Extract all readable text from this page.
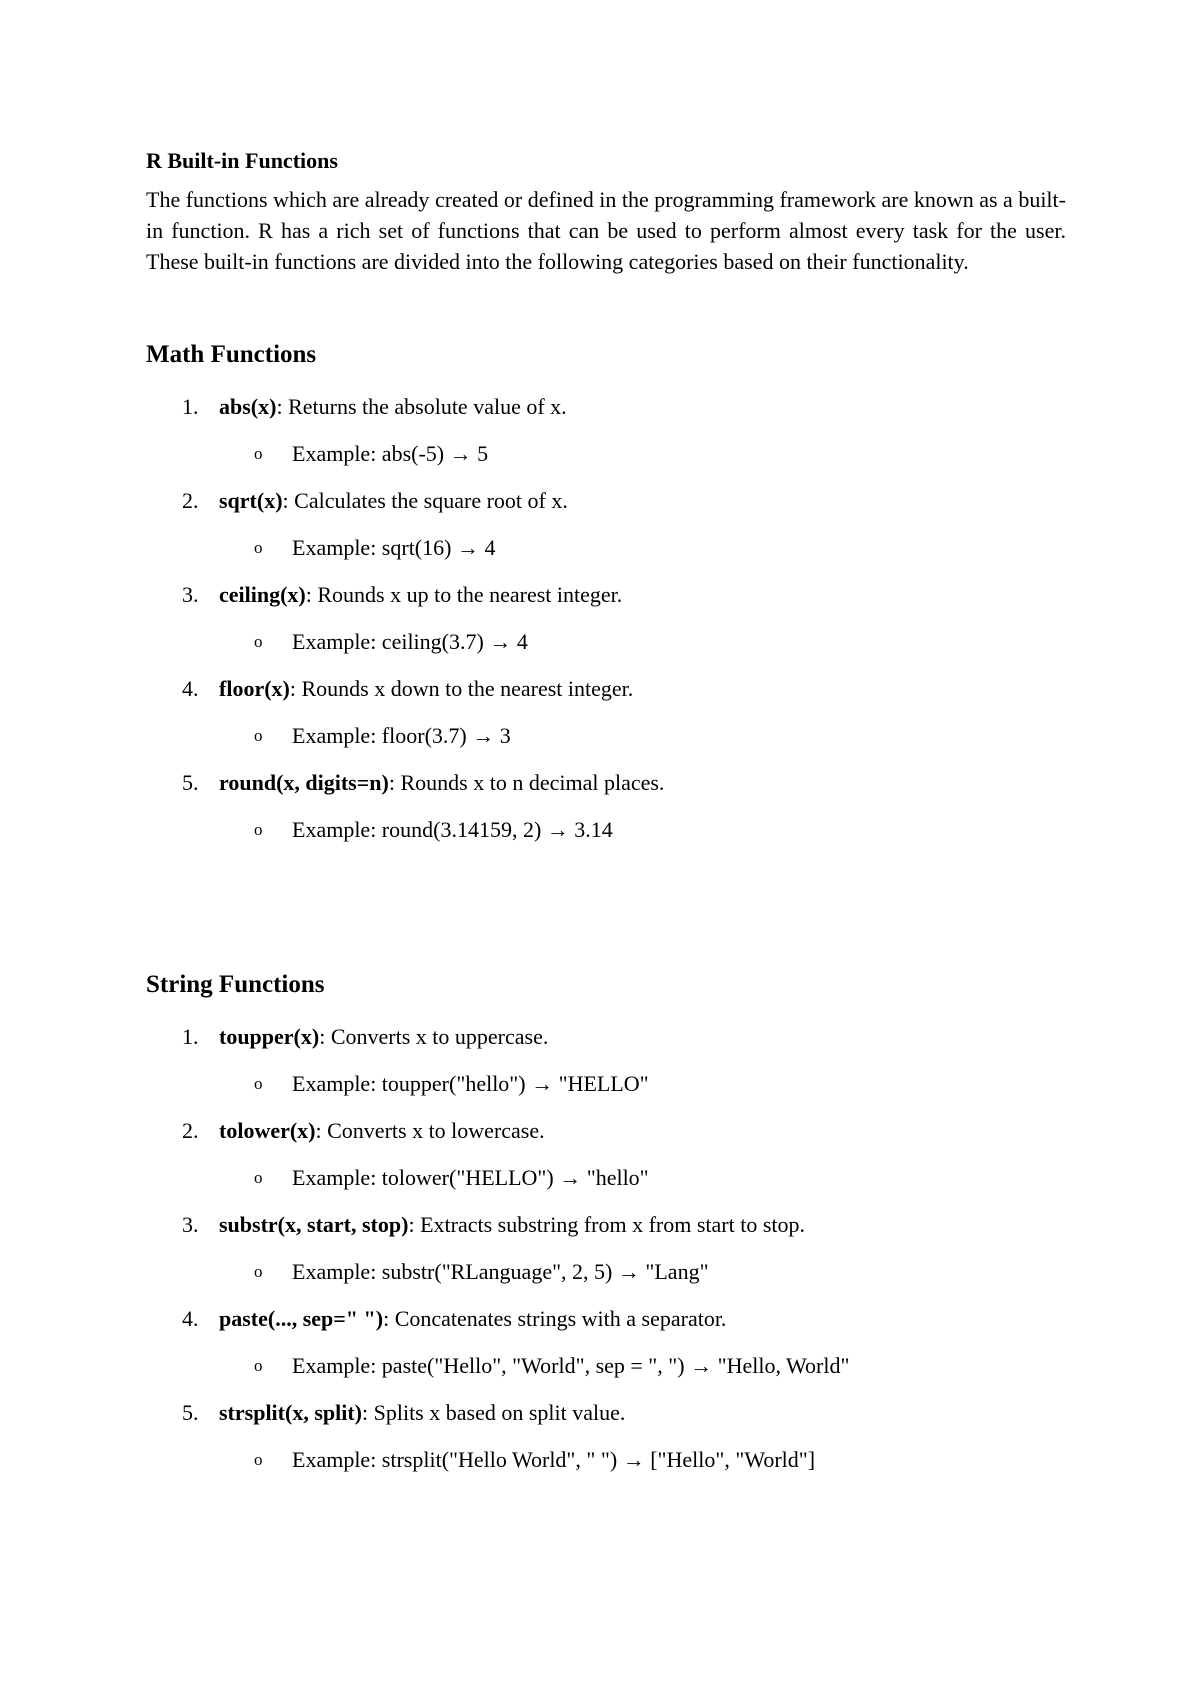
R Built-in Functions

The functions which are already created or defined in the programming framework are known as a built-in function. R has a rich set of functions that can be used to perform almost every task for the user. These built-in functions are divided into the following categories based on their functionality.

Math Functions
1. abs(x): Returns the absolute value of x.
o Example: abs(-5) → 5
2. sqrt(x): Calculates the square root of x.
o Example: sqrt(16) → 4
3. ceiling(x): Rounds x up to the nearest integer.
o Example: ceiling(3.7) → 4
4. floor(x): Rounds x down to the nearest integer.
o Example: floor(3.7) → 3
5. round(x, digits=n): Rounds x to n decimal places.
o Example: round(3.14159, 2) → 3.14
String Functions
1. toupper(x): Converts x to uppercase.
o Example: toupper("hello") → "HELLO"
2. tolower(x): Converts x to lowercase.
o Example: tolower("HELLO") → "hello"
3. substr(x, start, stop): Extracts substring from x from start to stop.
o Example: substr("RLanguage", 2, 5) → "Lang"
4. paste(..., sep=" "): Concatenates strings with a separator.
o Example: paste("Hello", "World", sep = ", ") → "Hello, World"
5. strsplit(x, split): Splits x based on split value.
o Example: strsplit("Hello World", " ") → ["Hello", "World"]
